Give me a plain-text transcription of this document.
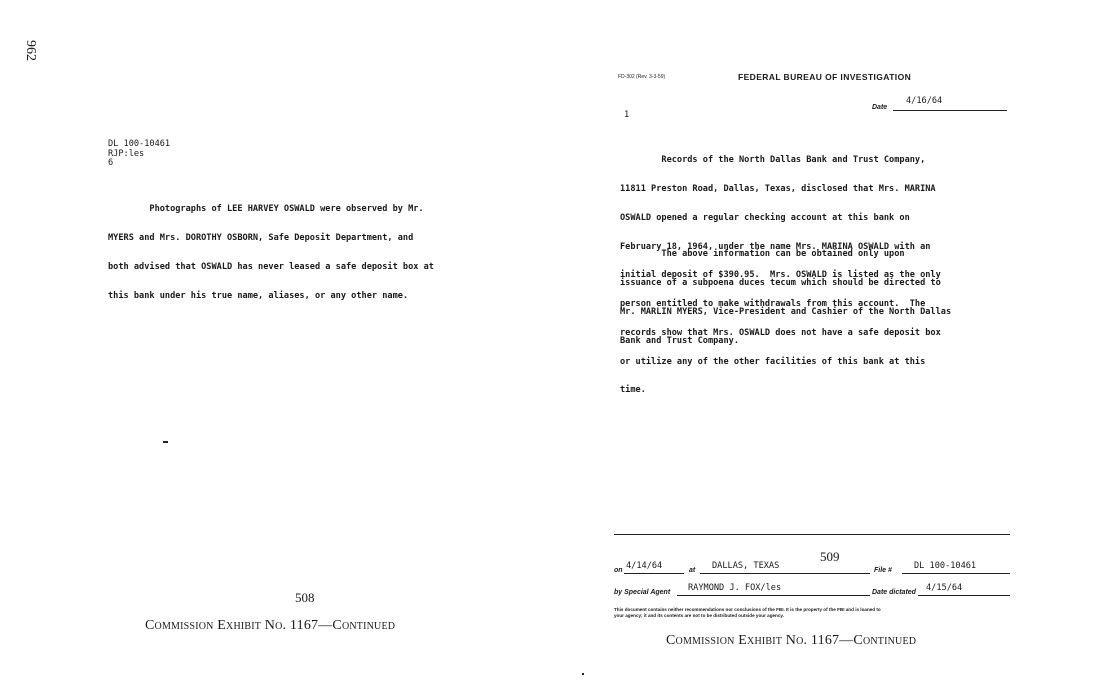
962
DL 100-10461
RJP:les
6

Photographs of LEE HARVEY OSWALD were observed by Mr.

MYERS and Mrs. DOROTHY OSBORN, Safe Deposit Department, and

both advised that OSWALD has never leased a safe deposit box at

this bank under his true name, aliases, or any other name.

508
Commission Exhibit No. 1167—Continued
FD-302 (Rev. 3-3-59)	FEDERAL BUREAU OF INVESTIGATION
Date
4/16/64
1

Records of the North Dallas Bank and Trust Company,

11811 Preston Road, Dallas, Texas, disclosed that Mrs. MARINA

OSWALD opened a regular checking account at this bank on

February 18, 1964, under the name Mrs. MARINA OSWALD with an

initial deposit of $390.95.  Mrs. OSWALD is listed as the only

person entitled to make withdrawals from this account.  The

records show that Mrs. OSWALD does not have a safe deposit box

or utilize any of the other facilities of this bank at this

time.

The above information can be obtained only upon

issuance of a subpoena duces tecum which should be directed to

Mr. MARLIN MYERS, Vice-President and Cashier of the North Dallas

Bank and Trust Company.

509
on 4/14/64	at DALLAS, TEXAS	File #	DL 100-10461
by Special Agent RAYMOND J. FOX/les	Date dictated 4/15/64
This document contains neither recommendations nor conclusions of the FBI. It is the property of the FBI and is loaned to
your agency; it and its contents are not to be distributed outside your agency.
Commission Exhibit No. 1167—Continued
